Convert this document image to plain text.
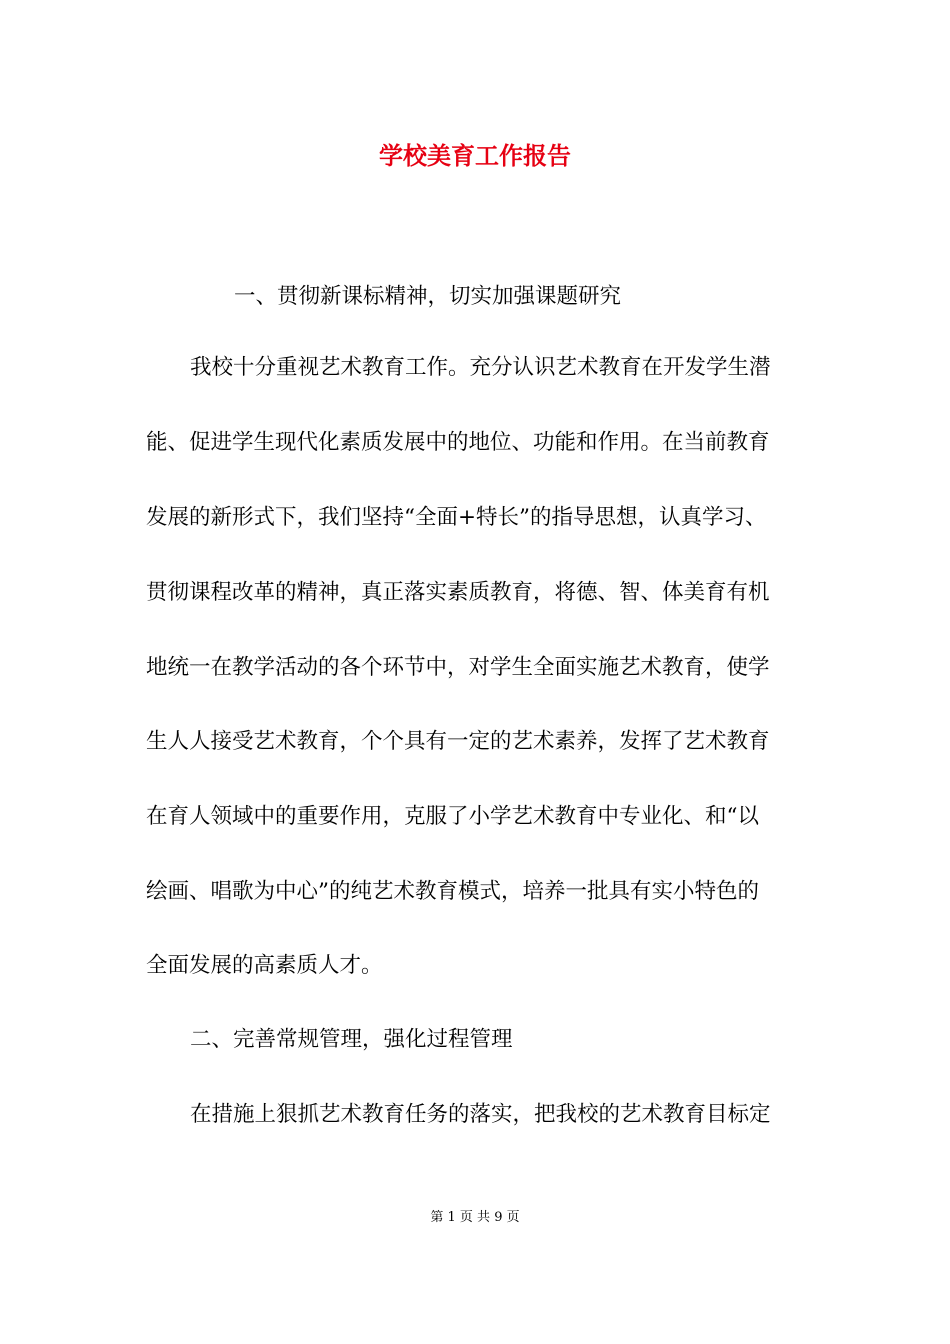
学校美育工作报告
一、贯彻新课标精神，切实加强课题研究
我校十分重视艺术教育工作。充分认识艺术教育在开发学生潜
能、促进学生现代化素质发展中的地位、功能和作用。在当前教育
发展的新形式下，我们坚持“全面+特长”的指导思想，认真学习、
贯彻课程改革的精神，真正落实素质教育，将德、智、体美育有机
地统一在教学活动的各个环节中，对学生全面实施艺术教育，使学
生人人接受艺术教育，个个具有一定的艺术素养，发挥了艺术教育
在育人领域中的重要作用，克服了小学艺术教育中专业化、和“以
绘画、唱歌为中心”的纯艺术教育模式，培养一批具有实小特色的
全面发展的高素质人才。
二、完善常规管理，强化过程管理
在措施上狠抓艺术教育任务的落实，把我校的艺术教育目标定
第 1 页 共 9 页
